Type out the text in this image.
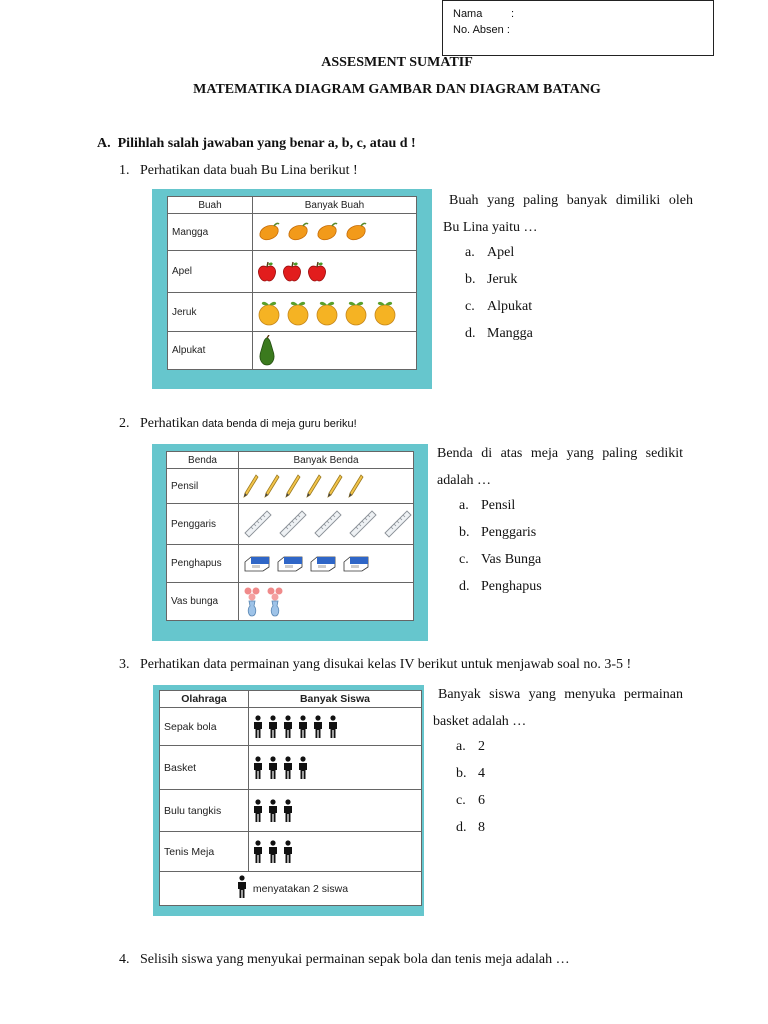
Nama	:
No. Absen :
ASSESMENT SUMATIF
MATEMATIKA DIAGRAM GAMBAR DAN DIAGRAM BATANG
A. Pilihlah salah jawaban yang benar a, b, c, atau d !
1. Perhatikan data buah Bu Lina berikut !
Buah	Banyak Buah
Mangga	

Apel	

Jeruk	

Alpukat	
Buah yang paling banyak dimiliki oleh
Bu Lina yaitu …
a. Apel
b. Jeruk
c. Alpukat
d. Mangga
2. Perhatikan data benda di meja guru beriku!
Benda	Banyak Benda
Pensil	

Penggaris	

Penghapus	

Vas bunga	
Benda di atas meja yang paling sedikit
adalah …
a. Pensil
b. Penggaris
c. Vas Bunga
d. Penghapus
3. Perhatikan data permainan yang disukai kelas IV berikut untuk menjawab soal no. 3-5 !
Olahraga	Banyak Siswa
Sepak bola	

Basket	

Bulu tangkis	

Tenis Meja	

menyatakan 2 siswa	
Banyak siswa yang menyuka permainan
basket adalah …
a. 2
b. 4
c. 6
d. 8
4. Selisih siswa yang menyukai permainan sepak bola dan tenis meja adalah …
